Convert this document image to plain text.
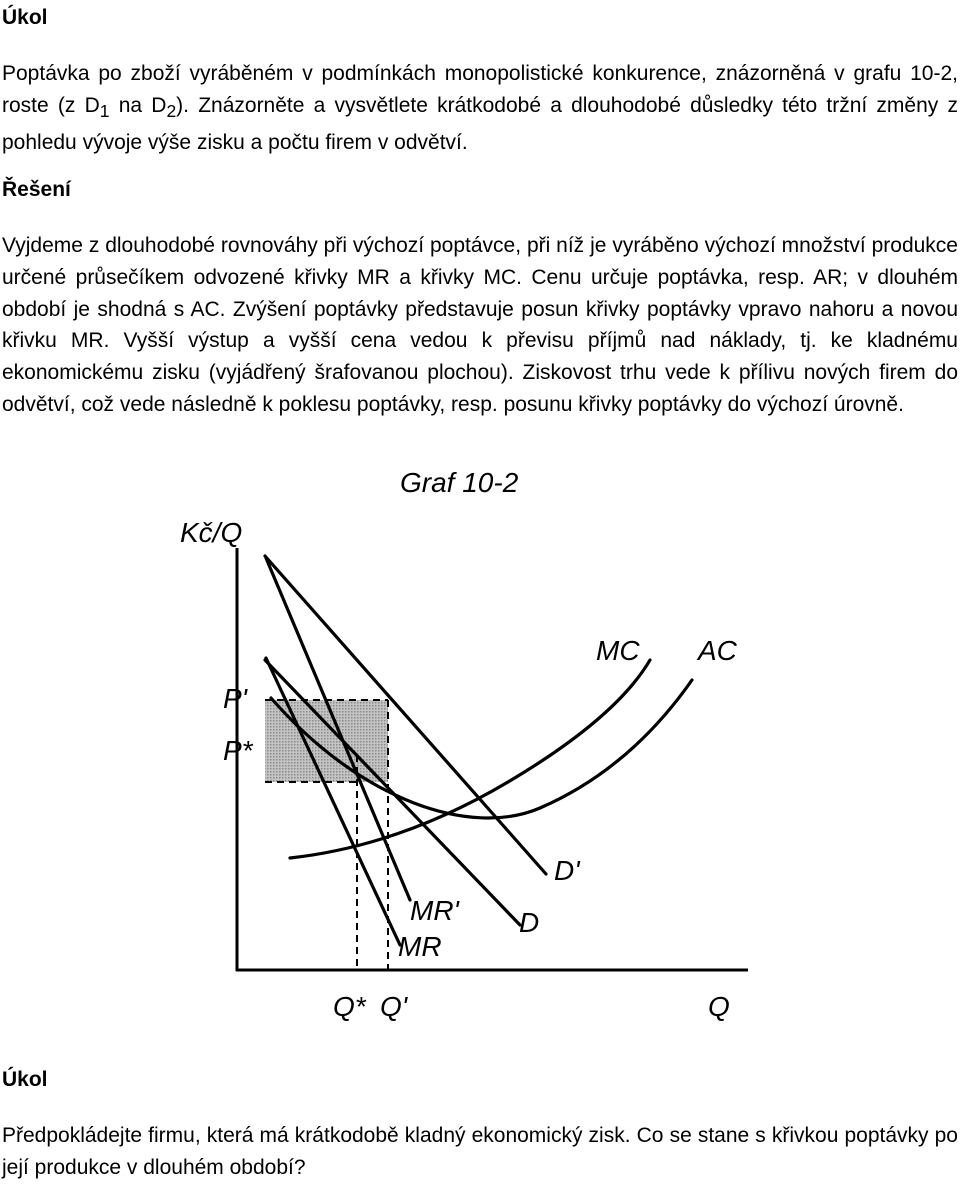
Úkol

Poptávka po zboží vyráběném v podmínkách monopolistické konkurence, znázorněná v grafu 10-2, roste (z $D_1$ na $D_2$). Znázorněte a vysvětlete krátkodobé a dlouhodobé důsledky této tržní změny z pohledu vývoje výše zisku a počtu firem v odvětví.

Řešení

Vyjdeme z dlouhodobé rovnováhy při výchozí poptávce, při níž je vyráběno výchozí množství produkce určené průsečíkem odvozené křivky MR a křivky MC. Cenu určuje poptávka, resp. AR; v dlouhém období je shodná s AC. Zvýšení poptávky představuje posun křivky poptávky vpravo nahoru a novou křivku MR. Vyšší výstup a vyšší cena vedou k převisu příjmů nad náklady, tj. ke kladnému ekonomickému zisku (vyjádřený šrafovanou plochou). Ziskovost trhu vede k přílivu nových firem do odvětví, což vede následně k poklesu poptávky, resp. posunu křivky poptávky do výchozí úrovně.

Graf 10-2
Kč/Q
Q
P'
P*
Q* Q'
MC AC
D'
D
MR'
MR
Úkol

Předpokládejte firmu, která má krátkodobě kladný ekonomický zisk. Co se stane s křivkou poptávky po její produkce v dlouhém období?
